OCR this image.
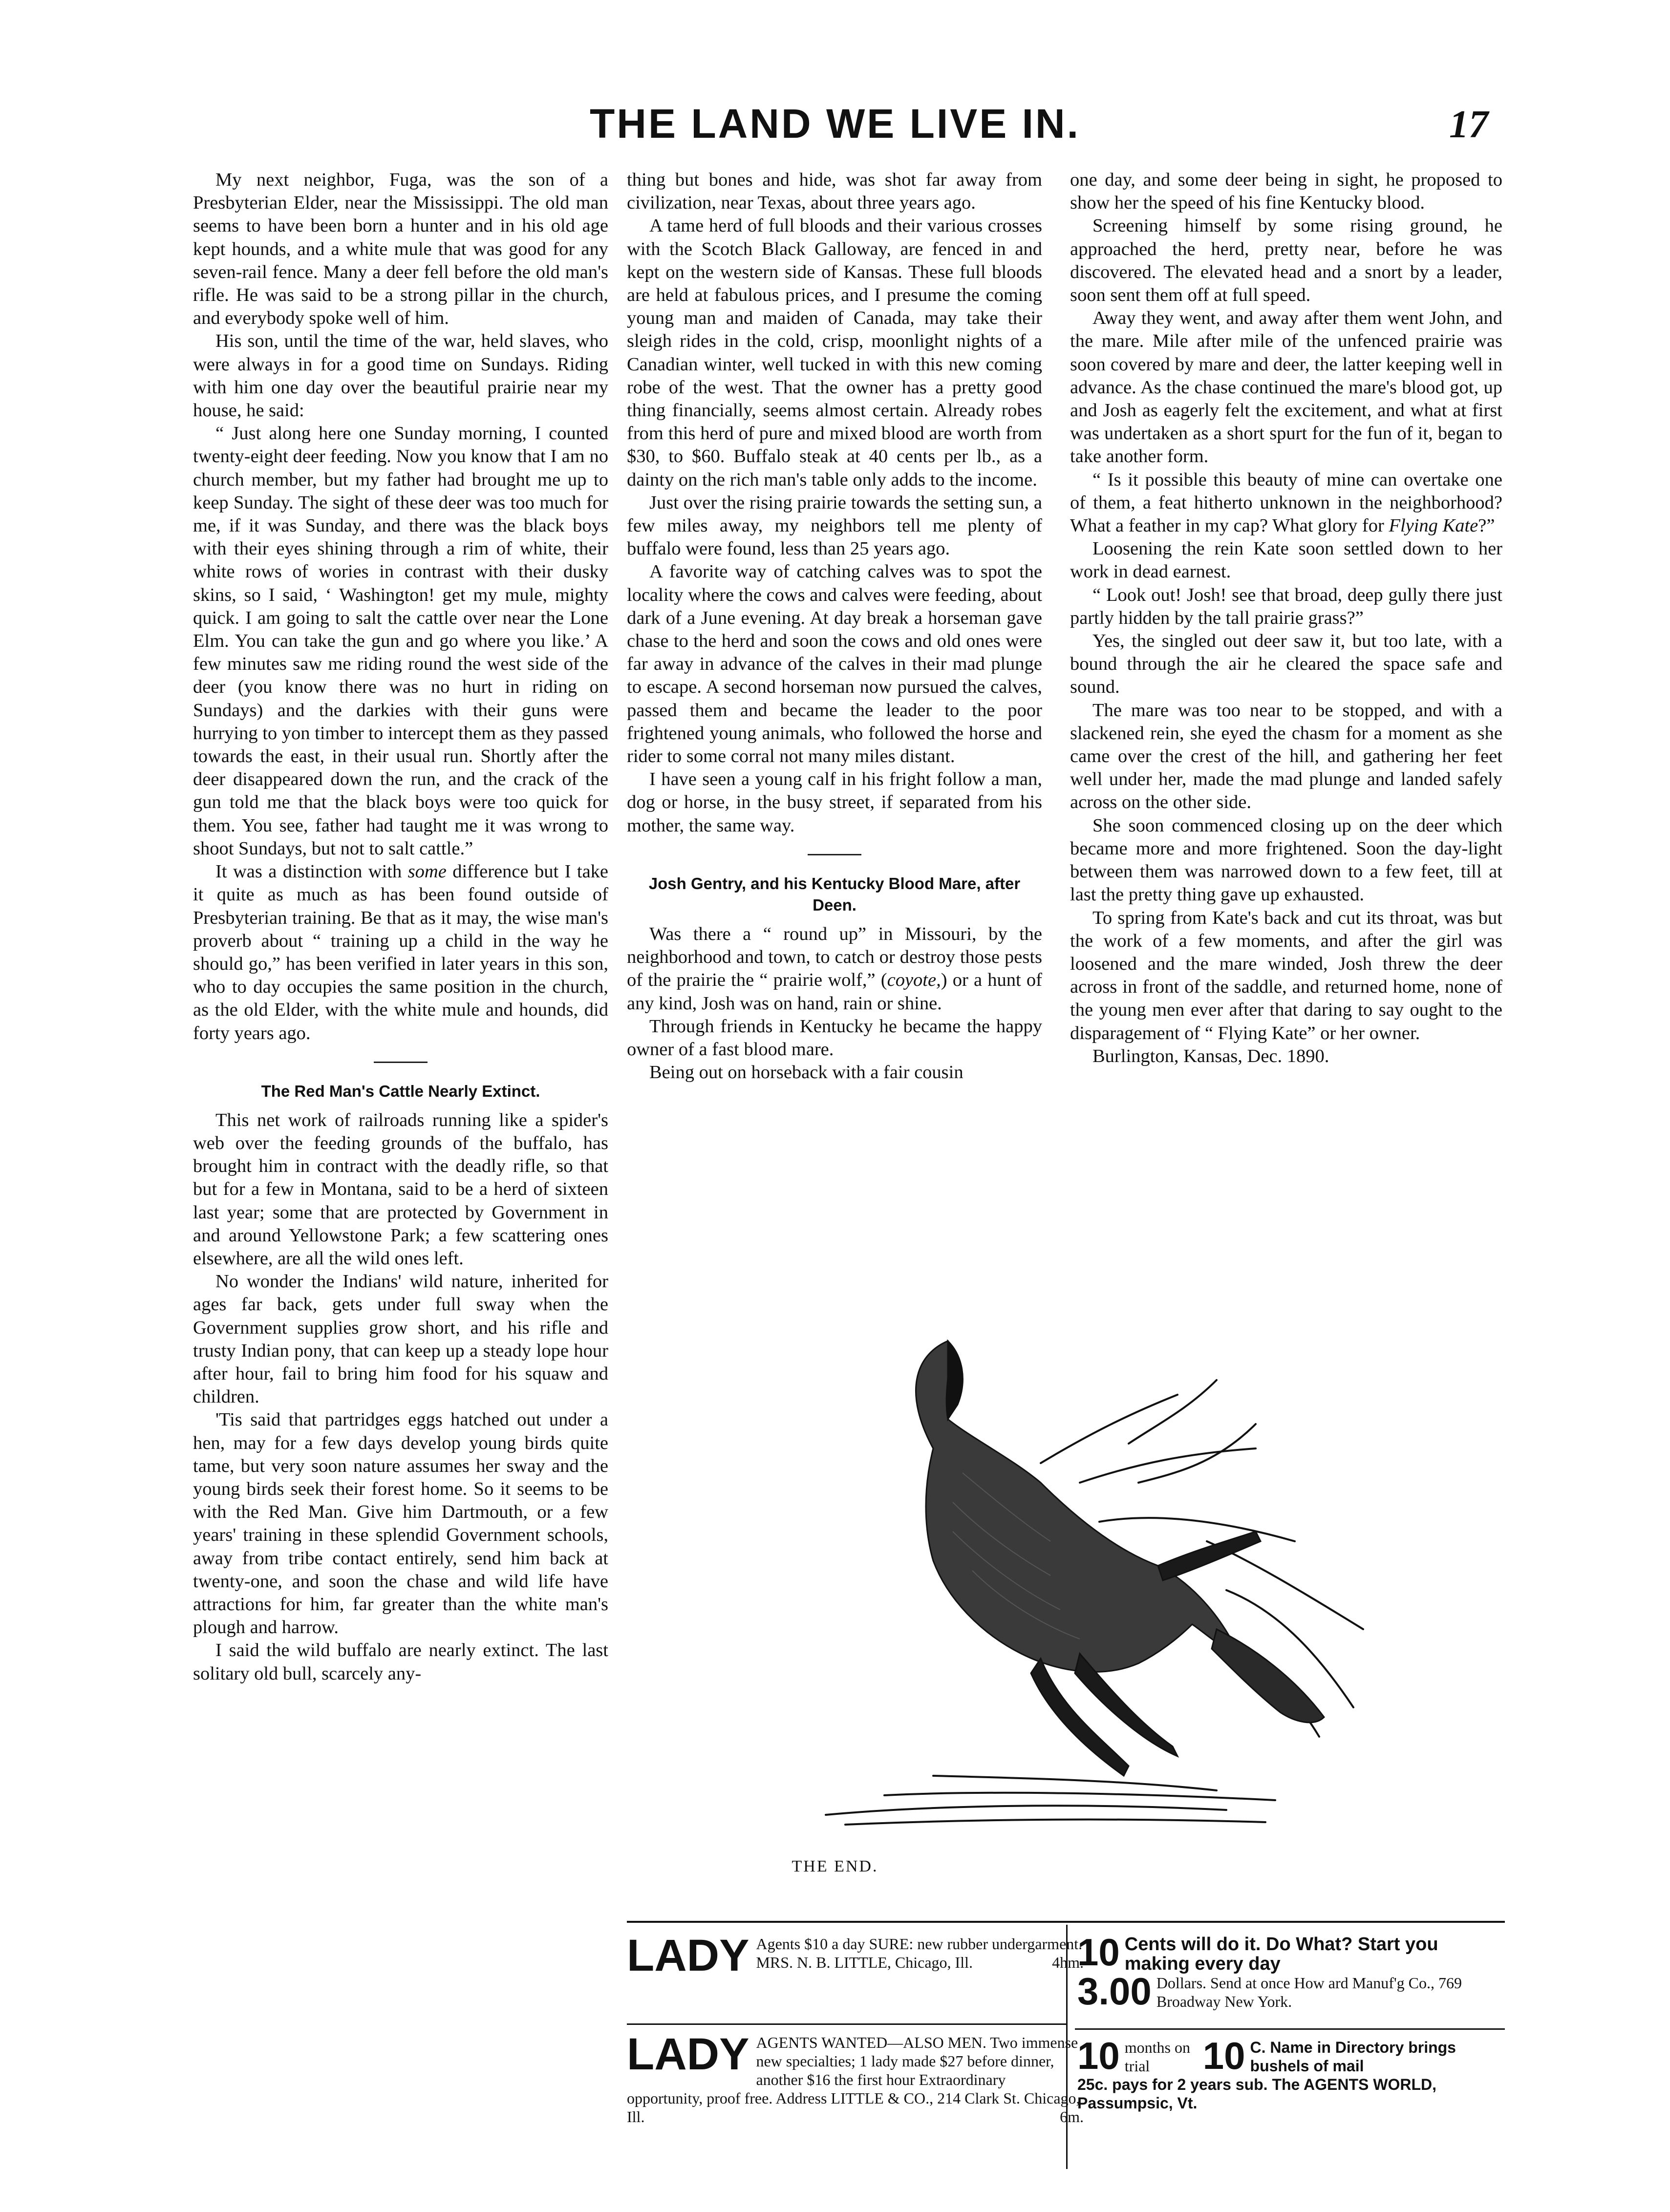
THE LAND WE LIVE IN.	17

My next neighbor, Fuga, was the son of a Presbyterian Elder, near the Mississippi. The old man seems to have been born a hunter and in his old age kept hounds, and a white mule that was good for any seven-rail fence. Many a deer fell before the old man's rifle. He was said to be a strong pillar in the church, and everybody spoke well of him.

His son, until the time of the war, held slaves, who were always in for a good time on Sundays. Riding with him one day over the beautiful prairie near my house, he said:

“ Just along here one Sunday morning, I counted twenty-eight deer feeding. Now you know that I am no church member, but my father had brought me up to keep Sunday. The sight of these deer was too much for me, if it was Sunday, and there was the black boys with their eyes shining through a rim of white, their white rows of wories in contrast with their dusky skins, so I said, ‘ Washington! get my mule, mighty quick. I am going to salt the cattle over near the Lone Elm. You can take the gun and go where you like.’ A few minutes saw me riding round the west side of the deer (you know there was no hurt in riding on Sundays) and the darkies with their guns were hurrying to yon timber to intercept them as they passed towards the east, in their usual run. Shortly after the deer disappeared down the run, and the crack of the gun told me that the black boys were too quick for them. You see, father had taught me it was wrong to shoot Sundays, but not to salt cattle.”

It was a distinction with some difference but I take it quite as much as has been found outside of Presbyterian training. Be that as it may, the wise man's proverb about “ training up a child in the way he should go,” has been verified in later years in this son, who to day occupies the same position in the church, as the old Elder, with the white mule and hounds, did forty years ago.

The Red Man's Cattle Nearly Extinct.

This net work of railroads running like a spider's web over the feeding grounds of the buffalo, has brought him in contract with the deadly rifle, so that but for a few in Montana, said to be a herd of sixteen last year; some that are protected by Government in and around Yellowstone Park; a few scattering ones elsewhere, are all the wild ones left.

No wonder the Indians' wild nature, inherited for ages far back, gets under full sway when the Government supplies grow short, and his rifle and trusty Indian pony, that can keep up a steady lope hour after hour, fail to bring him food for his squaw and children.

'Tis said that partridges eggs hatched out under a hen, may for a few days develop young birds quite tame, but very soon nature assumes her sway and the young birds seek their forest home. So it seems to be with the Red Man. Give him Dartmouth, or a few years' training in these splendid Government schools, away from tribe contact entirely, send him back at twenty-one, and soon the chase and wild life have attractions for him, far greater than the white man's plough and harrow.

I said the wild buffalo are nearly extinct. The last solitary old bull, scarcely any-

thing but bones and hide, was shot far away from civilization, near Texas, about three years ago.

A tame herd of full bloods and their various crosses with the Scotch Black Galloway, are fenced in and kept on the western side of Kansas. These full bloods are held at fabulous prices, and I presume the coming young man and maiden of Canada, may take their sleigh rides in the cold, crisp, moonlight nights of a Canadian winter, well tucked in with this new coming robe of the west. That the owner has a pretty good thing financially, seems almost certain. Already robes from this herd of pure and mixed blood are worth from $30, to $60. Buffalo steak at 40 cents per lb., as a dainty on the rich man's table only adds to the income.

Just over the rising prairie towards the setting sun, a few miles away, my neighbors tell me plenty of buffalo were found, less than 25 years ago.

A favorite way of catching calves was to spot the locality where the cows and calves were feeding, about dark of a June evening. At day break a horseman gave chase to the herd and soon the cows and old ones were far away in advance of the calves in their mad plunge to escape. A second horseman now pursued the calves, passed them and became the leader to the poor frightened young animals, who followed the horse and rider to some corral not many miles distant.

I have seen a young calf in his fright follow a man, dog or horse, in the busy street, if separated from his mother, the same way.

Josh Gentry, and his Kentucky Blood Mare, after Deen.

Was there a “ round up” in Missouri, by the neighborhood and town, to catch or destroy those pests of the prairie the “ prairie wolf,” (coyote,) or a hunt of any kind, Josh was on hand, rain or shine.

Through friends in Kentucky he became the happy owner of a fast blood mare.

Being out on horseback with a fair cousin

one day, and some deer being in sight, he proposed to show her the speed of his fine Kentucky blood.

Screening himself by some rising ground, he approached the herd, pretty near, before he was discovered. The elevated head and a snort by a leader, soon sent them off at full speed.

Away they went, and away after them went John, and the mare. Mile after mile of the unfenced prairie was soon covered by mare and deer, the latter keeping well in advance. As the chase continued the mare's blood got, up and Josh as eagerly felt the excitement, and what at first was undertaken as a short spurt for the fun of it, began to take another form.

“ Is it possible this beauty of mine can overtake one of them, a feat hitherto unknown in the neighborhood? What a feather in my cap? What glory for Flying Kate?”

Loosening the rein Kate soon settled down to her work in dead earnest.

“ Look out! Josh! see that broad, deep gully there just partly hidden by the tall prairie grass?”

Yes, the singled out deer saw it, but too late, with a bound through the air he cleared the space safe and sound.

The mare was too near to be stopped, and with a slackened rein, she eyed the chasm for a moment as she came over the crest of the hill, and gathering her feet well under her, made the mad plunge and landed safely across on the other side.

She soon commenced closing up on the deer which became more and more frightened. Soon the day-light between them was narrowed down to a few feet, till at last the pretty thing gave up exhausted.

To spring from Kate's back and cut its throat, was but the work of a few moments, and after the girl was loosened and the mare winded, Josh threw the deer across in front of the saddle, and returned home, none of the young men ever after that daring to say ought to the disparagement of “ Flying Kate” or her owner.

Burlington, Kansas, Dec. 1890.

THE END.
LADY Agents $10 a day SURE: new rubber undergarment. MRS. N. B. LITTLE, Chicago, Ill.	4hm.
LADY AGENTS WANTED—ALSO MEN. Two immense new specialties; 1 lady made $27 before dinner, another $16 the first hour Extraordinary opportunity, proof free. Address LITTLE & CO., 214 Clark St. Chicago, Ill.	6m.
10 Cents will do it. Do What? Start you making every day
3.00 Dollars. Send at once How ard Manuf'g Co., 769 Broadway New York.
10 months on trial	10 C. Name in Directory brings bushels of mail
25c. pays for 2 years sub. The AGENTS WORLD, Passumpsic, Vt.
